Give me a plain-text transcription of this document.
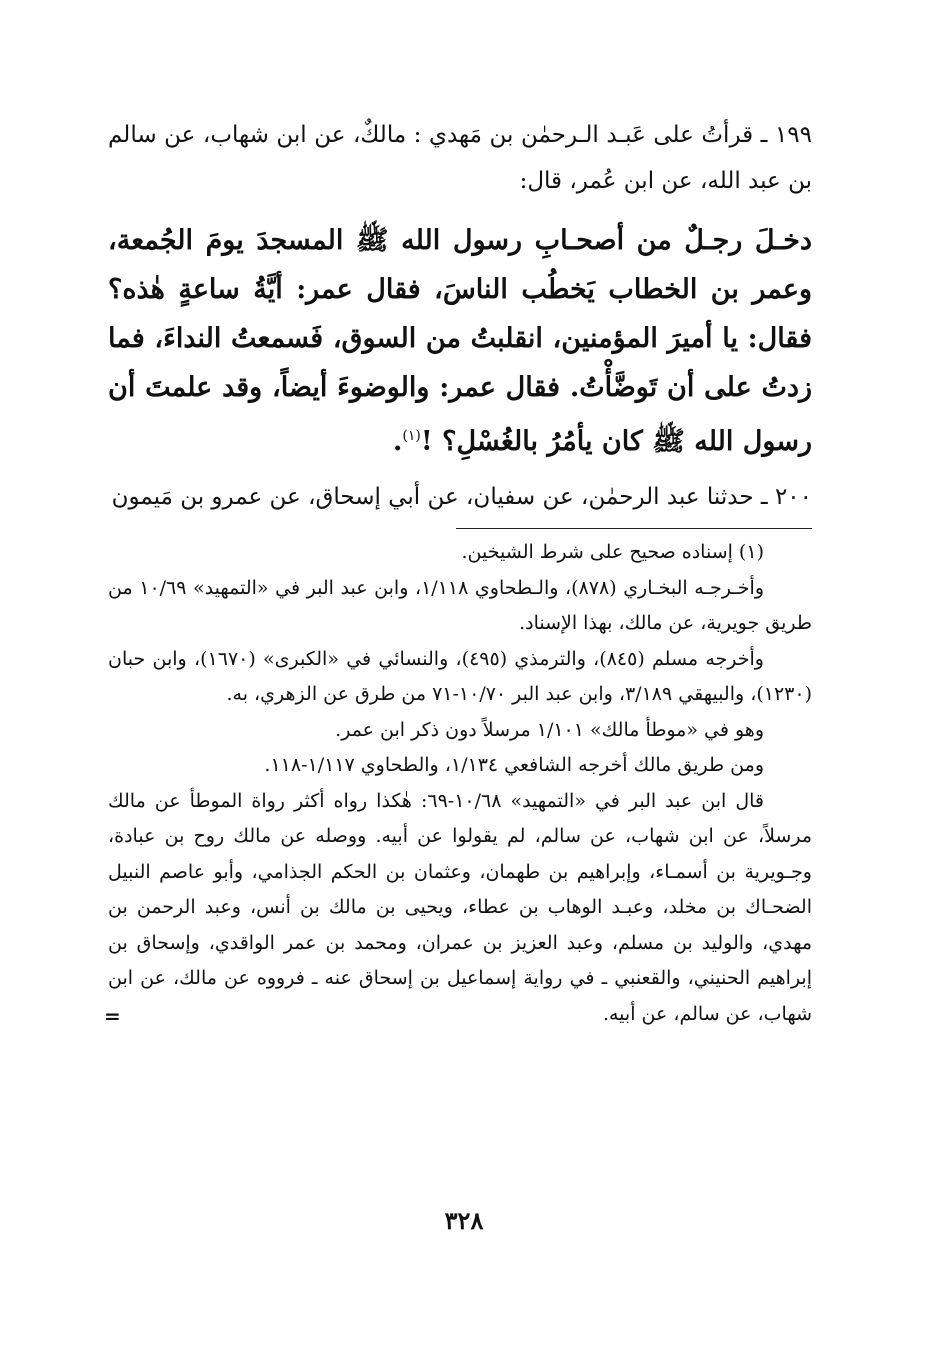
١٩٩ ـ قرأتُ على عَبـد الـرحمٰن بن مَهدي : مالكٌ، عن ابن شهاب، عن سالم بن عبد الله، عن ابن عُمر، قال:

دخـلَ رجـلٌ من أصحـابِ رسول الله ﷺ المسجدَ يومَ الجُمعة، وعمر بن الخطاب يَخطُب الناسَ، فقال عمر: أيَّةُ ساعةٍ هٰذه؟ فقال: يا أميرَ المؤمنين، انقلبتُ من السوق، فَسمعتُ النداءَ، فما زدتُ على أن تَوضَّأْتُ. فقال عمر: والوضوءَ أيضاً، وقد علمتَ أن رسول الله ﷺ كان يأمُرُ بالغُسْلِ؟ !$^{(١)}$.

٢٠٠ ـ حدثنا عبد الرحمٰن، عن سفيان، عن أبي إسحاق، عن عمرو بن مَيمون

(١) إسناده صحيح على شرط الشيخين.

وأخـرجـه البخـاري (٨٧٨)، والـطحاوي ١/١١٨، وابن عبد البر في «التمهيد» ١٠/٦٩ من طريق جويرية، عن مالك، بهذا الإسناد.

وأخرجه مسلم (٨٤٥)، والترمذي (٤٩٥)، والنسائي في «الكبرى» (١٦٧٠)، وابن حبان (١٢٣٠)، والبيهقي ٣/١٨٩، وابن عبد البر ١٠/٧٠-٧١ من طرق عن الزهري، به.

وهو في «موطأ مالك» ١/١٠١ مرسلاً دون ذكر ابن عمر.

ومن طريق مالك أخرجه الشافعي ١/١٣٤، والطحاوي ١/١١٧-١١٨.

قال ابن عبد البر في «التمهيد» ١٠/٦٨-٦٩: هٰكذا رواه أكثر رواة الموطأ عن مالك مرسلاً، عن ابن شهاب، عن سالم، لم يقولوا عن أبيه. ووصله عن مالك روح بن عبادة، وجـويرية بن أسمـاء، وإبراهيم بن طهمان، وعثمان بن الحكم الجذامي، وأبو عاصم النبيل الضحـاك بن مخلد، وعبـد الوهاب بن عطاء، ويحيى بن مالك بن أنس، وعبد الرحمن بن مهدي، والوليد بن مسلم، وعبد العزيز بن عمران، ومحمد بن عمر الواقدي، وإسحاق بن إبراهيم الحنيني، والقعنبي ـ في رواية إسماعيل بن إسحاق عنه ـ فرووه عن مالك، عن ابن شهاب، عن سالم، عن أبيه.

=
٣٢٨
